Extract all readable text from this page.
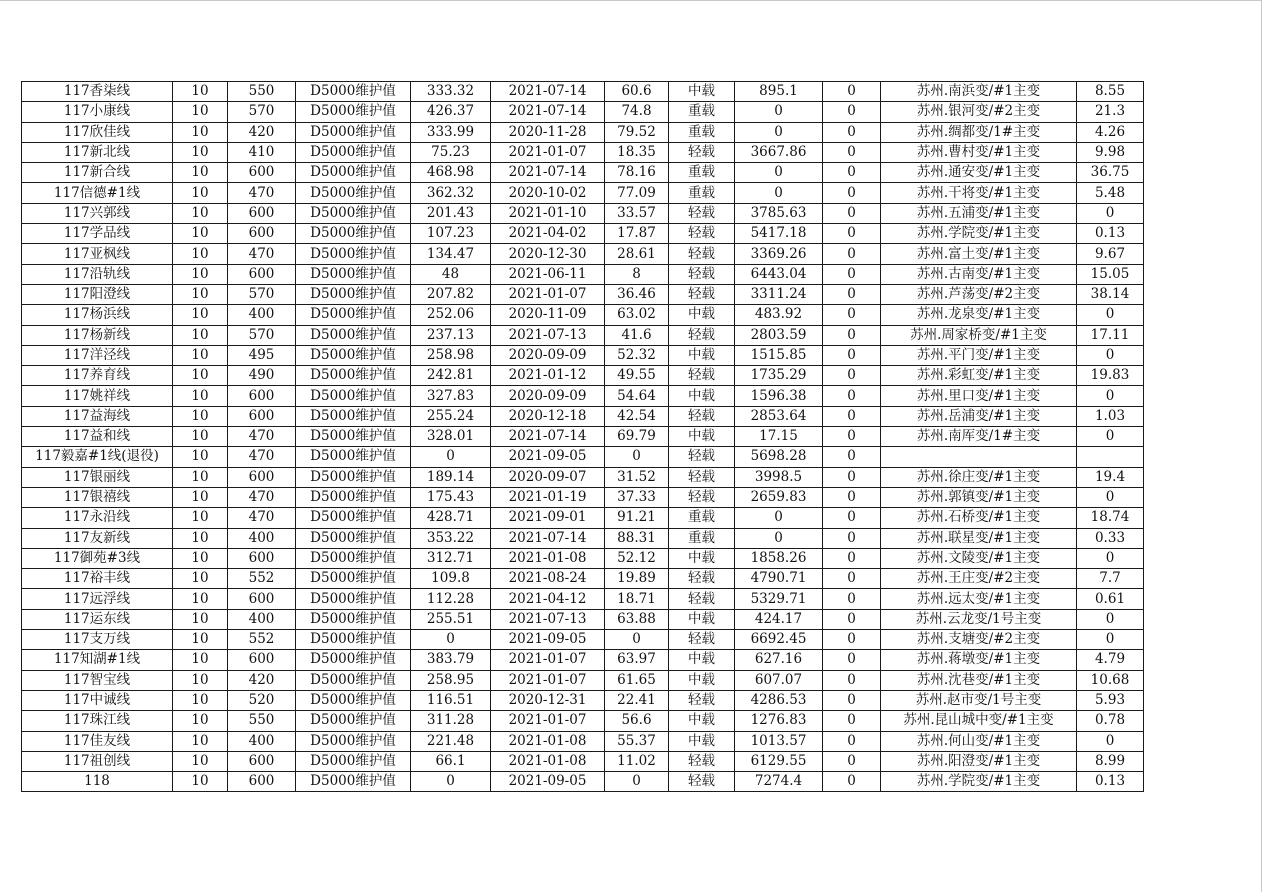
117香柒线	10	550	D5000维护值	333.32	2021-07-14	60.6	中载	895.1	0	苏州.南浜变/#1主变	8.55
117小康线	10	570	D5000维护值	426.37	2021-07-14	74.8	重载	0	0	苏州.银河变/#2主变	21.3
117欣佳线	10	420	D5000维护值	333.99	2020-11-28	79.52	重载	0	0	苏州.绸都变/1#主变	4.26
117新北线	10	410	D5000维护值	75.23	2021-01-07	18.35	轻载	3667.86	0	苏州.曹村变/#1主变	9.98
117新合线	10	600	D5000维护值	468.98	2021-07-14	78.16	重载	0	0	苏州.通安变/#1主变	36.75
117信德#1线	10	470	D5000维护值	362.32	2020-10-02	77.09	重载	0	0	苏州.干将变/#1主变	5.48
117兴郭线	10	600	D5000维护值	201.43	2021-01-10	33.57	轻载	3785.63	0	苏州.五浦变/#1主变	0
117学品线	10	600	D5000维护值	107.23	2021-04-02	17.87	轻载	5417.18	0	苏州.学院变/#1主变	0.13
117亚枫线	10	470	D5000维护值	134.47	2020-12-30	28.61	轻载	3369.26	0	苏州.富土变/#1主变	9.67
117沿轨线	10	600	D5000维护值	48	2021-06-11	8	轻载	6443.04	0	苏州.古南变/#1主变	15.05
117阳澄线	10	570	D5000维护值	207.82	2021-01-07	36.46	轻载	3311.24	0	苏州.芦荡变/#2主变	38.14
117杨浜线	10	400	D5000维护值	252.06	2020-11-09	63.02	中载	483.92	0	苏州.龙泉变/#1主变	0
117杨新线	10	570	D5000维护值	237.13	2021-07-13	41.6	轻载	2803.59	0	苏州.周家桥变/#1主变	17.11
117洋泾线	10	495	D5000维护值	258.98	2020-09-09	52.32	中载	1515.85	0	苏州.平门变/#1主变	0
117养育线	10	490	D5000维护值	242.81	2021-01-12	49.55	轻载	1735.29	0	苏州.彩虹变/#1主变	19.83
117姚祥线	10	600	D5000维护值	327.83	2020-09-09	54.64	中载	1596.38	0	苏州.里口变/#1主变	0
117益海线	10	600	D5000维护值	255.24	2020-12-18	42.54	轻载	2853.64	0	苏州.岳浦变/#1主变	1.03
117益和线	10	470	D5000维护值	328.01	2021-07-14	69.79	中载	17.15	0	苏州.南厍变/1#主变	0
117毅嘉#1线(退役)	10	470	D5000维护值	0	2021-09-05	0	轻载	5698.28	0		
117银丽线	10	600	D5000维护值	189.14	2020-09-07	31.52	轻载	3998.5	0	苏州.徐庄变/#1主变	19.4
117银禧线	10	470	D5000维护值	175.43	2021-01-19	37.33	轻载	2659.83	0	苏州.郭镇变/#1主变	0
117永沿线	10	470	D5000维护值	428.71	2021-09-01	91.21	重载	0	0	苏州.石桥变/#1主变	18.74
117友新线	10	400	D5000维护值	353.22	2021-07-14	88.31	重载	0	0	苏州.联星变/#1主变	0.33
117御苑#3线	10	600	D5000维护值	312.71	2021-01-08	52.12	中载	1858.26	0	苏州.文陵变/#1主变	0
117裕丰线	10	552	D5000维护值	109.8	2021-08-24	19.89	轻载	4790.71	0	苏州.王庄变/#2主变	7.7
117远浮线	10	600	D5000维护值	112.28	2021-04-12	18.71	轻载	5329.71	0	苏州.远太变/#1主变	0.61
117运东线	10	400	D5000维护值	255.51	2021-07-13	63.88	中载	424.17	0	苏州.云龙变/1号主变	0
117支万线	10	552	D5000维护值	0	2021-09-05	0	轻载	6692.45	0	苏州.支塘变/#2主变	0
117知湖#1线	10	600	D5000维护值	383.79	2021-01-07	63.97	中载	627.16	0	苏州.蒋墩变/#1主变	4.79
117智宝线	10	420	D5000维护值	258.95	2021-01-07	61.65	中载	607.07	0	苏州.沈巷变/#1主变	10.68
117中诚线	10	520	D5000维护值	116.51	2020-12-31	22.41	轻载	4286.53	0	苏州.赵市变/1号主变	5.93
117珠江线	10	550	D5000维护值	311.28	2021-01-07	56.6	中载	1276.83	0	苏州.昆山城中变/#1主变	0.78
117佳友线	10	400	D5000维护值	221.48	2021-01-08	55.37	中载	1013.57	0	苏州.何山变/#1主变	0
117祖创线	10	600	D5000维护值	66.1	2021-01-08	11.02	轻载	6129.55	0	苏州.阳澄变/#1主变	8.99
118	10	600	D5000维护值	0	2021-09-05	0	轻载	7274.4	0	苏州.学院变/#1主变	0.13
